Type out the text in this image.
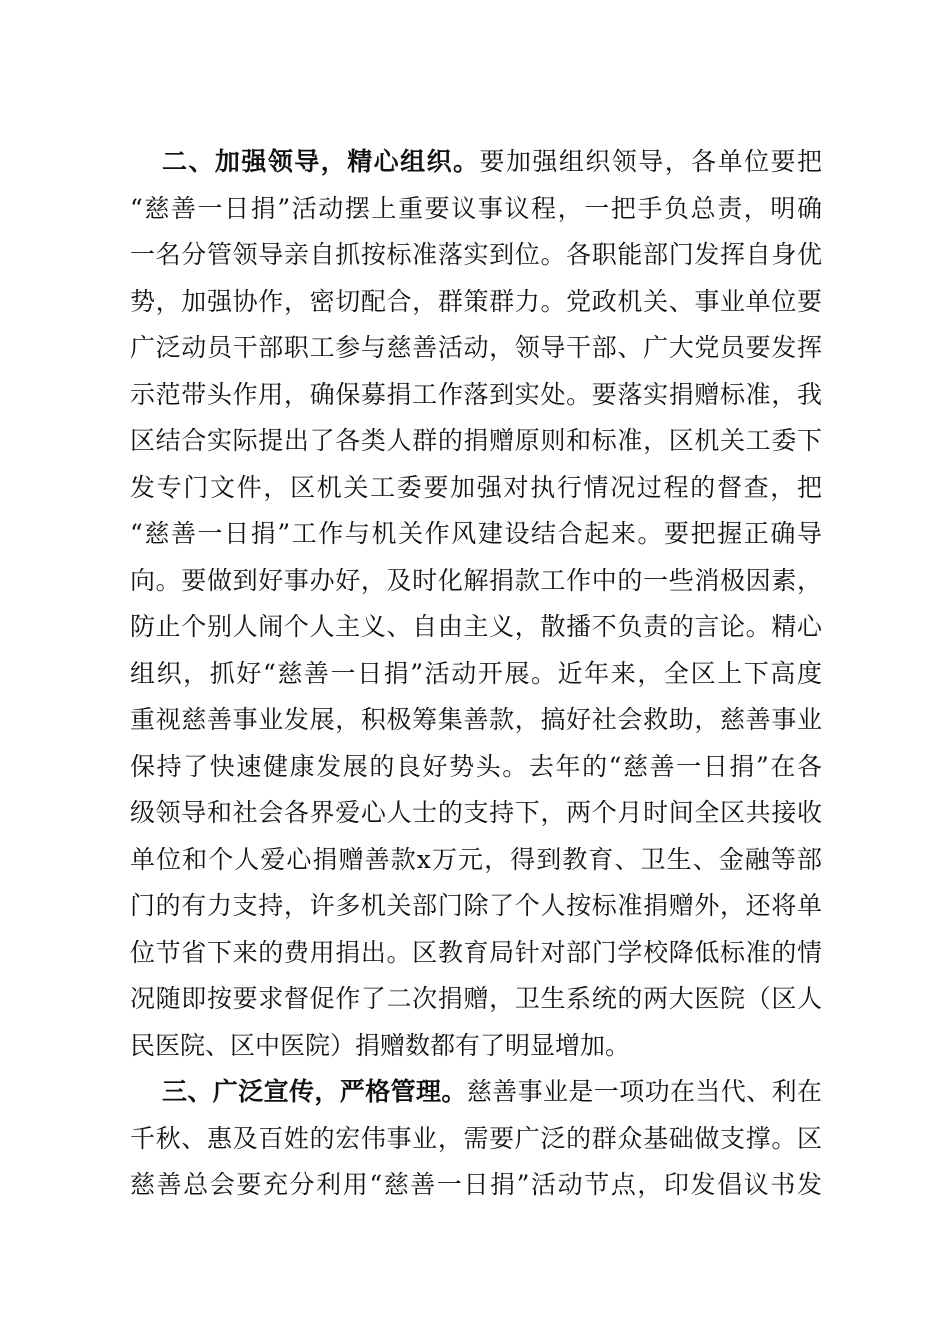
二、加强领导，精心组织。要加强组织领导，各单位要把
“慈善一日捐”活动摆上重要议事议程，一把手负总责，明确
一名分管领导亲自抓按标准落实到位。各职能部门发挥自身优
势，加强协作，密切配合，群策群力。党政机关、事业单位要
广泛动员干部职工参与慈善活动，领导干部、广大党员要发挥
示范带头作用，确保募捐工作落到实处。要落实捐赠标准，我
区结合实际提出了各类人群的捐赠原则和标准，区机关工委下
发专门文件，区机关工委要加强对执行情况过程的督查，把
“慈善一日捐”工作与机关作风建设结合起来。要把握正确导
向。要做到好事办好，及时化解捐款工作中的一些消极因素，
防止个别人闹个人主义、自由主义，散播不负责的言论。精心
组织，抓好“慈善一日捐”活动开展。近年来，全区上下高度
重视慈善事业发展，积极筹集善款，搞好社会救助，慈善事业
保持了快速健康发展的良好势头。去年的“慈善一日捐”在各
级领导和社会各界爱心人士的支持下，两个月时间全区共接收
单位和个人爱心捐赠善款x万元，得到教育、卫生、金融等部
门的有力支持，许多机关部门除了个人按标准捐赠外，还将单
位节省下来的费用捐出。区教育局针对部门学校降低标准的情
况随即按要求督促作了二次捐赠，卫生系统的两大医院（区人
民医院、区中医院）捐赠数都有了明显增加。
三、广泛宣传，严格管理。慈善事业是一项功在当代、利在
千秋、惠及百姓的宏伟事业，需要广泛的群众基础做支撑。区
慈善总会要充分利用“慈善一日捐”活动节点，印发倡议书发
